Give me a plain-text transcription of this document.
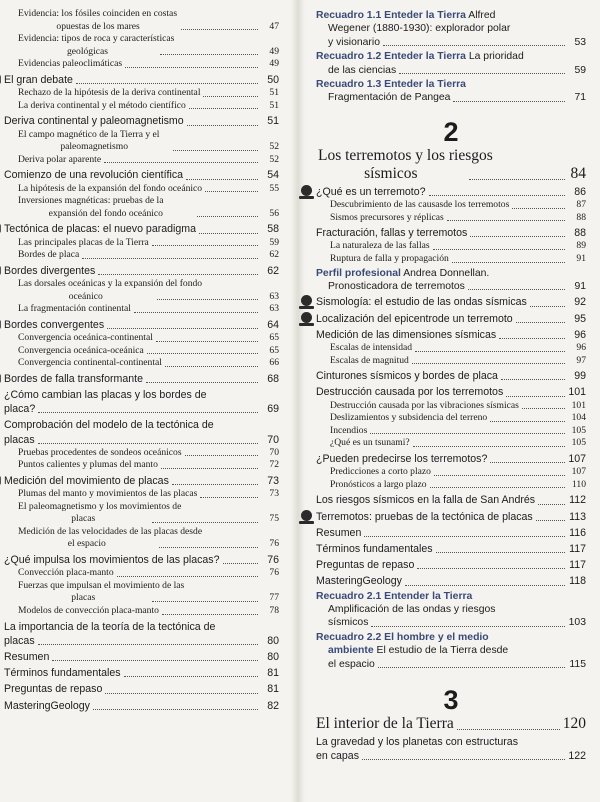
Evidencia: los fósiles coinciden en costas
opuestas de los mares	47
Evidencia: tipos de roca y características
geológicas	49
Evidencias paleoclimáticas	49
El gran debate	50
Rechazo de la hipótesis de la deriva continental	51
La deriva continental y el método científico	51
Deriva continental y paleomagnetismo	51
El campo magnético de la Tierra y el
paleomagnetismo	52
Deriva polar aparente	52
Comienzo de una revolución científica	54
La hipótesis de la expansión del fondo oceánico	55
Inversiones magnéticas: pruebas de la
expansión del fondo oceánico	56
Tectónica de placas: el nuevo paradigma	58
Las principales placas de la Tierra	59
Bordes de placa	62
Bordes divergentes	62
Las dorsales oceánicas y la expansión del fondo
oceánico	63
La fragmentación continental	63
Bordes convergentes	64
Convergencia oceánica-continental	65
Convergencia oceánica-oceánica	65
Convergencia continental-continental	66
Bordes de falla transformante	68
¿Cómo cambian las placas y los bordes de
placa?	69
Comprobación del modelo de la tectónica de
placas	70
Pruebas procedentes de sondeos oceánicos	70
Puntos calientes y plumas del manto	72
Medición del movimiento de placas	73
Plumas del manto y movimientos de las placas	73
El paleomagnetismo y los movimientos de
placas	75
Medición de las velocidades de las placas desde
el espacio	76
¿Qué impulsa los movimientos de las placas?	76
Convección placa-manto	76
Fuerzas que impulsan el movimiento de las
placas	77
Modelos de convección placa-manto	78
La importancia de la teoría de la tectónica de
placas	80
Resumen	80
Términos fundamentales	81
Preguntas de repaso	81
MasteringGeology	82
Recuadro 1.1 Enteder la Tierra Alfred
Wegener (1880-1930): explorador polar
y visionario	53
Recuadro 1.2 Enteder la Tierra La prioridad
de las ciencias	59
Recuadro 1.3 Enteder la Tierra
Fragmentación de Pangea	71
2
Los terremotos y los riesgos
sísmicos	84
¿Qué es un terremoto?	86
Descubrimiento de las causasde los terremotos	87
Sismos precursores y réplicas	88
Fracturación, fallas y terremotos	88
La naturaleza de las fallas	89
Ruptura de falla y propagación	91
Perfil profesional Andrea Donnellan.
Pronosticadora de terremotos	91
Sismología: el estudio de las ondas sísmicas	92
Localización del epicentrode un terremoto	95
Medición de las dimensiones sísmicas	96
Escalas de intensidad	96
Escalas de magnitud	97
Cinturones sísmicos y bordes de placa	99
Destrucción causada por los terremotos	101
Destrucción causada por las vibraciones sísmicas	101
Deslizamientos y subsidencia del terreno	104
Incendios	105
¿Qué es un tsunami?	105
¿Pueden predecirse los terremotos?	107
Predicciones a corto plazo	107
Pronósticos a largo plazo	110
Los riesgos sísmicos en la falla de San Andrés	112
Terremotos: pruebas de la tectónica de placas	113
Resumen	116
Términos fundamentales	117
Preguntas de repaso	117
MasteringGeology	118
Recuadro 2.1 Entender la Tierra
Amplificación de las ondas y riesgos
sísmicos	103
Recuadro 2.2 El hombre y el medio
ambiente El estudio de la Tierra desde
el espacio	115
3
El interior de la Tierra	120
La gravedad y los planetas con estructuras
en capas	122
